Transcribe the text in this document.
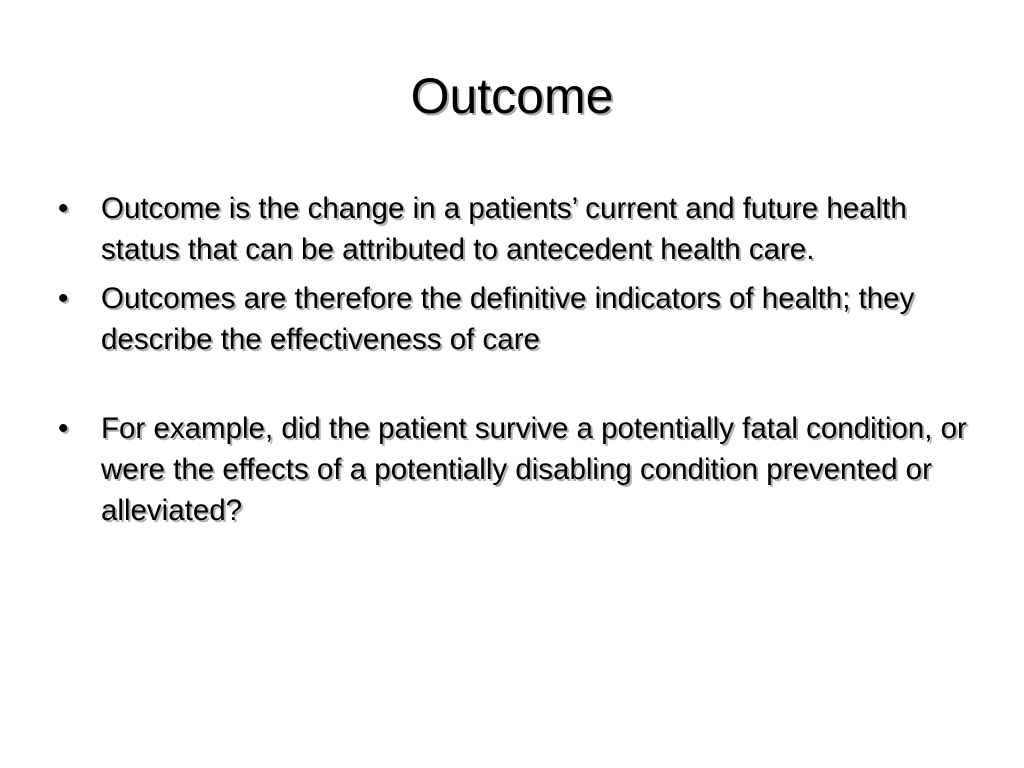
Outcome
•	Outcome is the change in a patients’ current and future health status that can be attributed to antecedent health care.
•	Outcomes are therefore the definitive indicators of health; they describe the effectiveness of care
•	For example, did the patient survive a potentially fatal condition, or were the effects of a potentially disabling condition prevented or alleviated?
